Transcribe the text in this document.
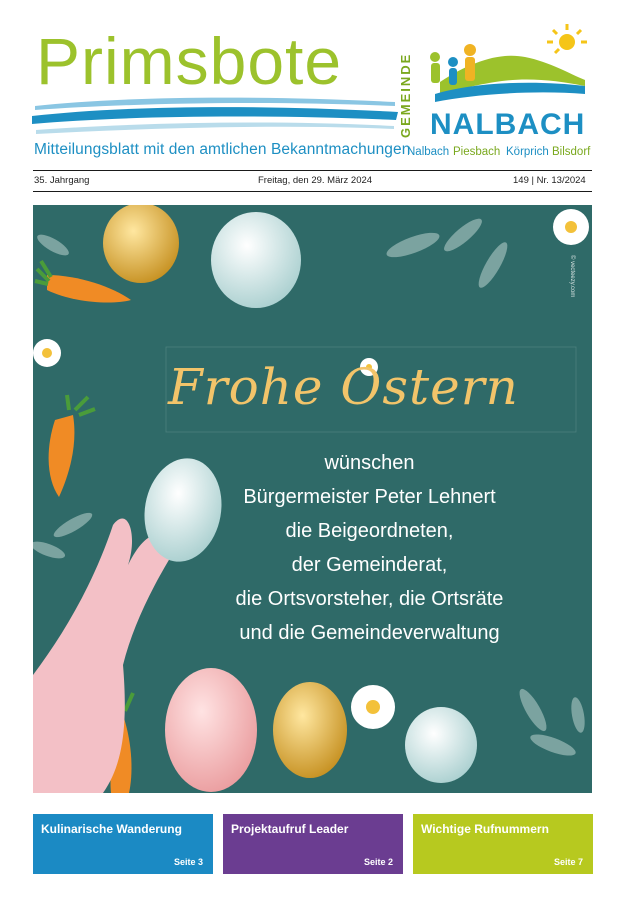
Primsbote
Mitteilungsblatt mit den amtlichen Bekanntmachungen
GEMEINDE NALBACH
Nalbach Piesbach Körprich Bilsdorf
35. Jahrgang	Freitag, den 29. März 2024	149 | Nr. 13/2024
Frohe Ostern
© vecteezy.com
wünschen
Bürgermeister Peter Lehnert
die Beigeordneten,
der Gemeinderat,
die Ortsvorsteher, die Ortsräte
und die Gemeindeverwaltung
Kulinarische Wanderung
Seite 3
Projektaufruf Leader
Seite 2
Wichtige Rufnummern
Seite 7
